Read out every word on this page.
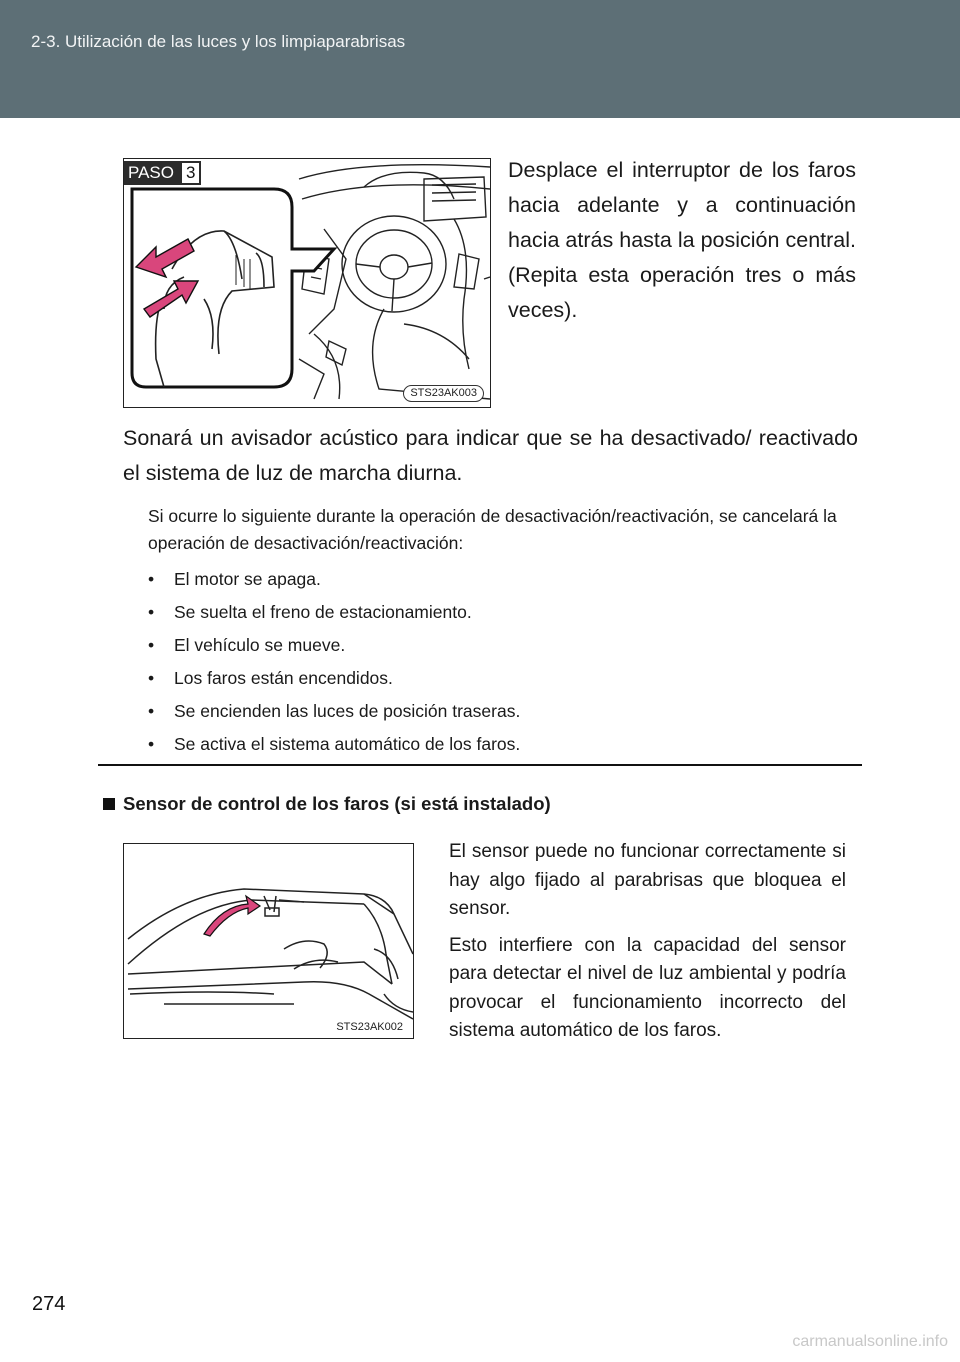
2-3. Utilización de las luces y los limpiaparabrisas
STS23AK003
PASO 3	Desplace el interruptor de los faros hacia adelante y a continuación hacia atrás hasta la posición central. (Repita esta operación tres o más veces).

Sonará un avisador acústico para indicar que se ha desactivado/ reactivado el sistema de luz de marcha diurna.

Si ocurre lo siguiente durante la operación de desactivación/reactivación, se cancelará la operación de desactivación/reactivación:

•	El motor se apaga.
•	Se suelta el freno de estacionamiento.
•	El vehículo se mueve.
•	Los faros están encendidos.
•	Se encienden las luces de posición traseras.
•	Se activa el sistema automático de los faros.
Sensor de control de los faros (si está instalado)
STS23AK002

El sensor puede no funcionar correctamente si hay algo fijado al parabrisas que bloquea el sensor.

Esto interfiere con la capacidad del sensor para detectar el nivel de luz ambiental y podría provocar el funcionamiento incorrecto del sistema automático de los faros.

274
carmanualsonline.info
